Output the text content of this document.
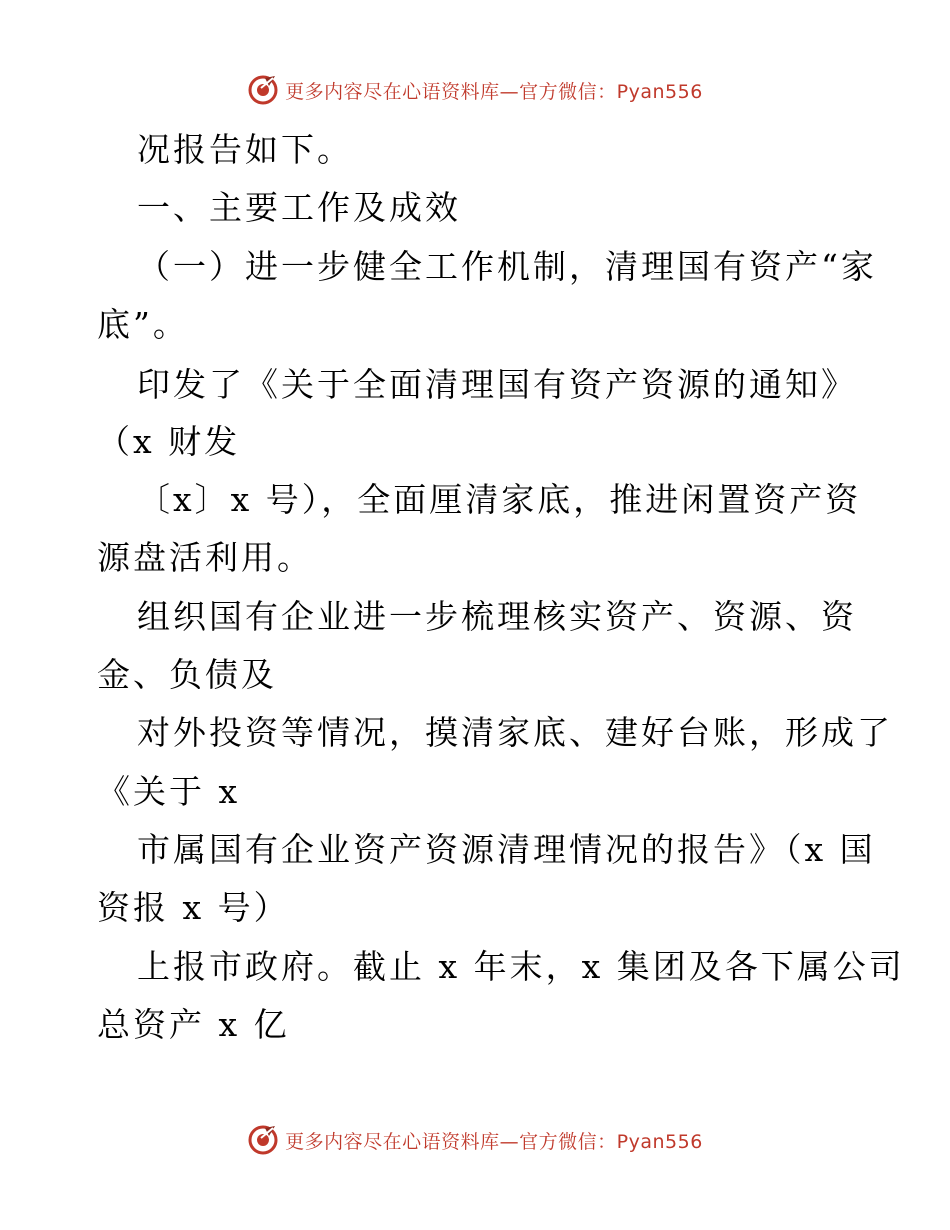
更多内容尽在心语资料库—官方微信：Pyan556
况报告如下。
一、主要工作及成效
（一）进一步健全工作机制，清理国有资产“家
底”。
印发了《关于全面清理国有资产资源的通知》
（x 财发
〔x〕x 号），全面厘清家底，推进闲置资产资
源盘活利用。
组织国有企业进一步梳理核实资产、资源、资
金、负债及
对外投资等情况，摸清家底、建好台账，形成了
《关于 x
市属国有企业资产资源清理情况的报告》（x 国
资报 x 号）
上报市政府。截止 x 年末，x 集团及各下属公司
总资产 x 亿
更多内容尽在心语资料库—官方微信：Pyan556
